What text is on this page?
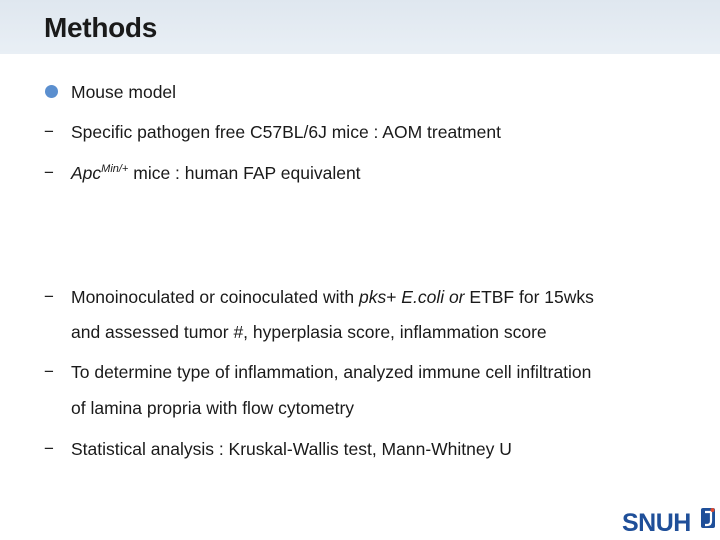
Methods
Mouse model
− Specific pathogen free C57BL/6J mice : AOM treatment
− Apc$^{Min/+}$ mice : human FAP equivalent
− Monoinoculated or coinoculated with pks+ E.coli or ETBF for 15wks
and assessed tumor #, hyperplasia score, inflammation score
− To determine type of inflammation, analyzed immune cell infiltration
of lamina propria with flow cytometry
− Statistical analysis : Kruskal-Wallis test, Mann-Whitney U
SNUH
